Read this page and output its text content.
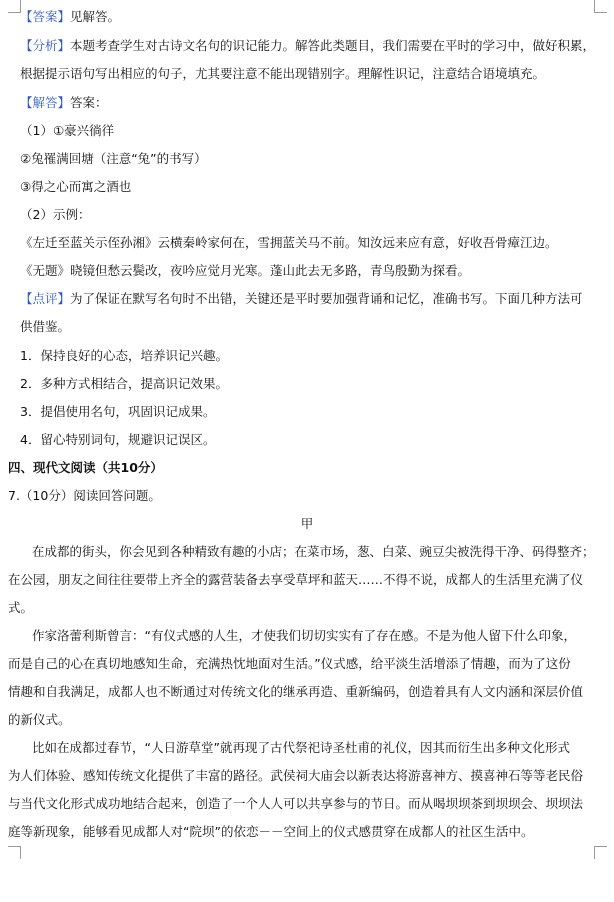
【答案】见解答。
【分析】本题考查学生对古诗文名句的识记能力。解答此类题目，我们需要在平时的学习中，做好积累，
根据提示语句写出相应的句子，尤其要注意不能出现错别字。理解性识记，注意结合语境填充。
【解答】答案：
（1）①豪兴徜徉
②兔罹满回塘（注意“兔”的书写）
③得之心而寓之酒也
（2）示例：
《左迁至蓝关示侄孙湘》云横秦岭家何在，雪拥蓝关马不前。知汝远来应有意，好收吾骨瘴江边。
《无题》晓镜但愁云鬓改，夜吟应觉月光寒。蓬山此去无多路，青鸟殷勤为探看。
【点评】为了保证在默写名句时不出错，关键还是平时要加强背诵和记忆，准确书写。下面几种方法可
供借鉴。
1．保持良好的心态，培养识记兴趣。
2．多种方式相结合，提高识记效果。
3．提倡使用名句，巩固识记成果。
4．留心特别词句，规避识记误区。
四、现代文阅读（共10分）
7.（10分）阅读回答问题。
甲
在成都的街头，你会见到各种精致有趣的小店；在菜市场，葱、白菜、豌豆尖被洗得干净、码得整齐；
在公园，朋友之间往往要带上齐全的露营装备去享受草坪和蓝天……不得不说，成都人的生活里充满了仪
式。
作家洛蕾利斯曾言：“有仪式感的人生，才使我们切切实实有了存在感。不是为他人留下什么印象，
而是自己的心在真切地感知生命，充满热忱地面对生活。”仪式感，给平淡生活增添了情趣，而为了这份
情趣和自我满足，成都人也不断通过对传统文化的继承再造、重新编码，创造着具有人文内涵和深层价值
的新仪式。
比如在成都过春节，“人日游草堂”就再现了古代祭祀诗圣杜甫的礼仪，因其而衍生出多种文化形式
为人们体验、感知传统文化提供了丰富的路径。武侯祠大庙会以新表达将游喜神方、摸喜神石等等老民俗
与当代文化形式成功地结合起来，创造了一个人人可以共享参与的节日。而从喝坝坝茶到坝坝会、坝坝法
庭等新现象，能够看见成都人对“院坝”的依恋－－空间上的仪式感贯穿在成都人的社区生活中。
